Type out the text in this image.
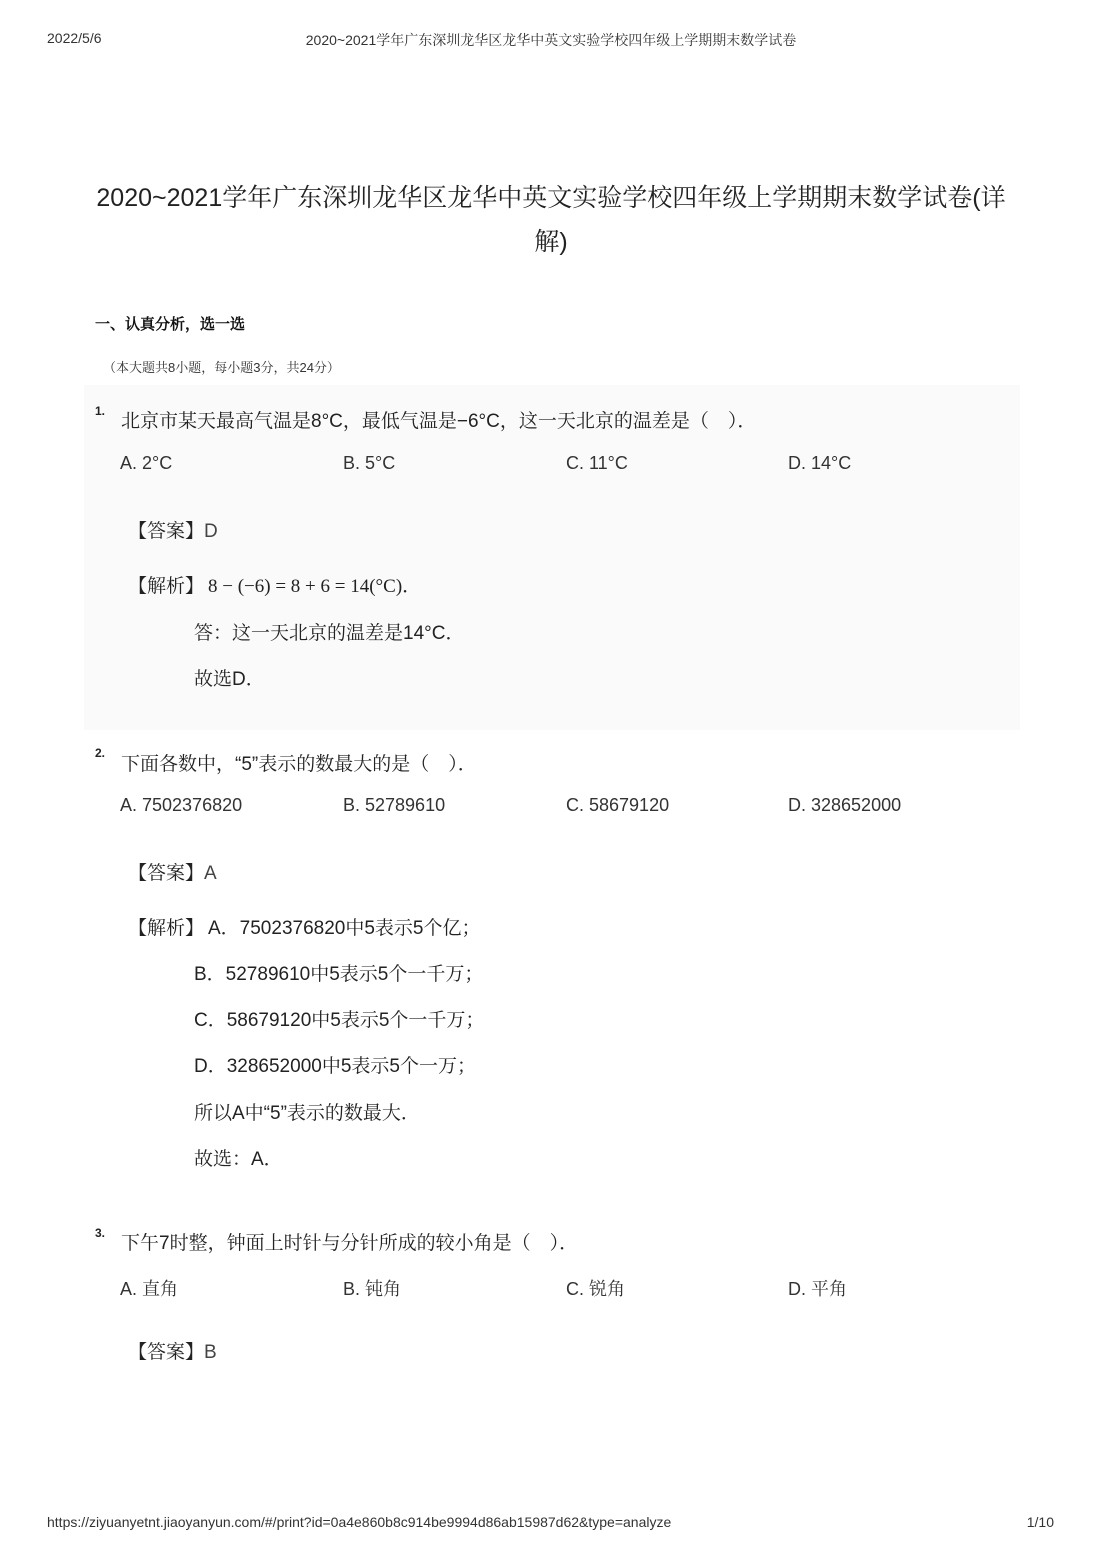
2022/5/6	2020~2021学年广东深圳龙华区龙华中英文实验学校四年级上学期期末数学试卷
2020~2021学年广东深圳龙华区龙华中英文实验学校四年级上学期期末数学试卷(详
解)
一、认真分析，选一选
（本大题共8小题，每小题3分，共24分）
1. 北京市某天最高气温是8°C，最低气温是−6°C，这一天北京的温差是（　）．
A. 2°C	B. 5°C	C. 11°C	D. 14°C
【答案】D
【解析】 8 − (−6) = 8 + 6 = 14(°C)．
答：这一天北京的温差是14°C．
故选D．
2.
下面各数中，“5”表示的数最大的是（　）．
A. 7502376820	B. 52789610	C. 58679120	D. 328652000
【答案】A
【解析】 A．7502376820中5表示5个亿；
B．52789610中5表示5个一千万；
C．58679120中5表示5个一千万；
D．328652000中5表示5个一万；
所以A中“5”表示的数最大．
故选：A．
3. 下午7时整，钟面上时针与分针所成的较小角是（　）．
A. 直角	B. 钝角	C. 锐角	D. 平角
【答案】B
https://ziyuanyetnt.jiaoyanyun.com/#/print?id=0a4e860b8c914be9994d86ab15987d62&type=analyze	1/10
